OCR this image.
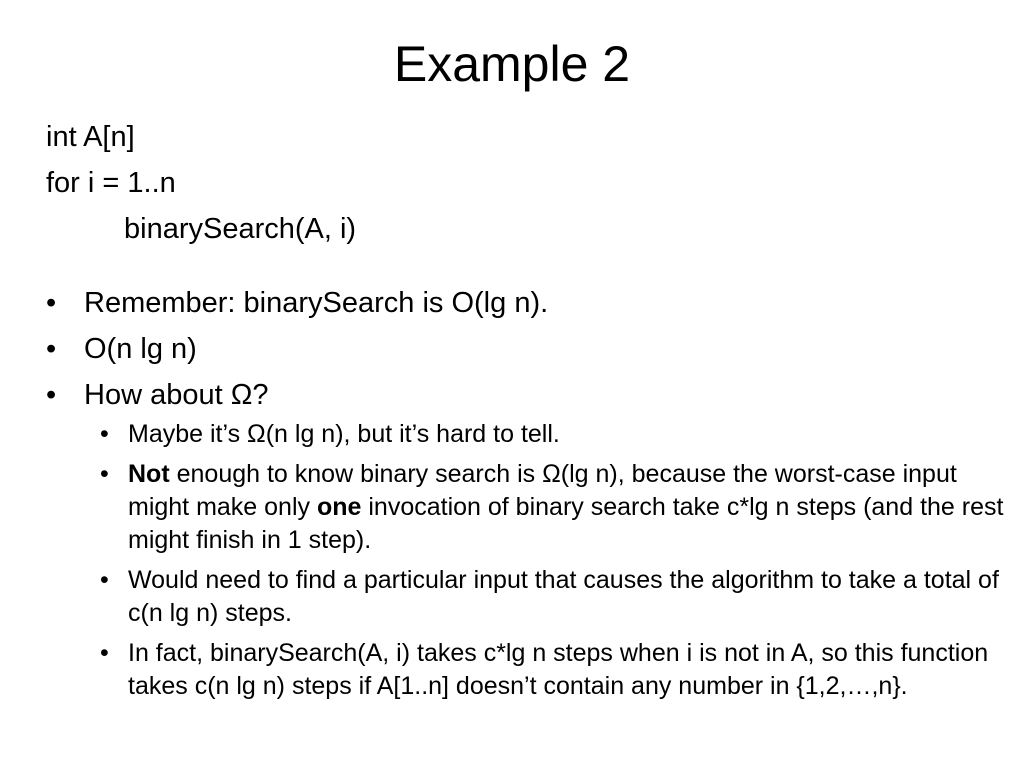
Example 2
int A[n]
for i = 1..n
binarySearch(A, i)
• Remember: binarySearch is O(lg n).
• O(n lg n)
• How about Ω?
• Maybe it’s Ω(n lg n), but it’s hard to tell.
• Not enough to know binary search is Ω(lg n), because the worst-case input might make only one invocation of binary search take c*lg n steps (and the rest might finish in 1 step).
• Would need to find a particular input that causes the algorithm to take a total of c(n lg n) steps.
• In fact, binarySearch(A, i) takes c*lg n steps when i is not in A, so this function takes c(n lg n) steps if A[1..n] doesn’t contain any number in {1,2,…,n}.
